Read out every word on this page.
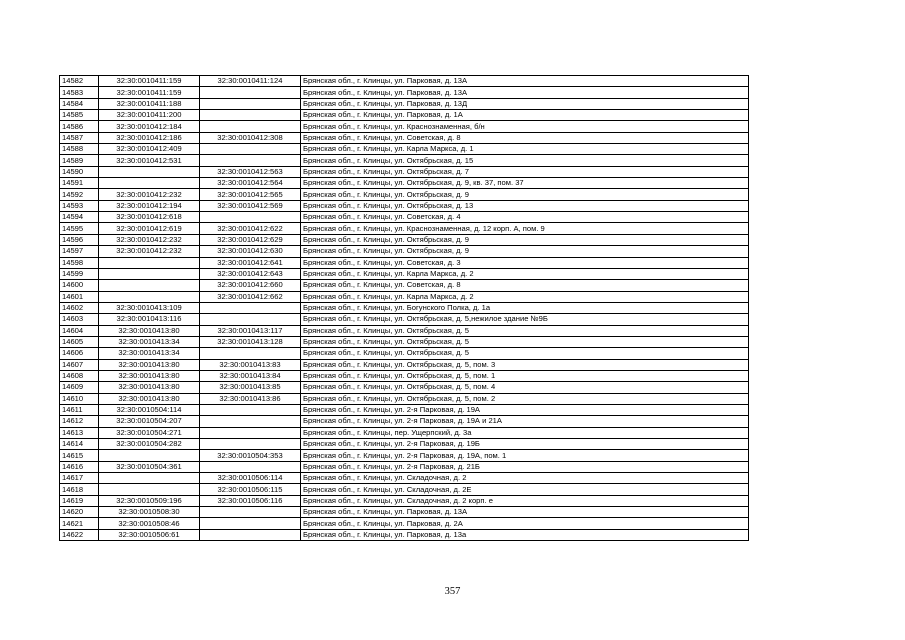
14582	32:30:0010411:159	32:30:0010411:124	Брянская обл., г. Клинцы, ул. Парковая, д. 13А
14583	32:30:0010411:159		Брянская обл., г. Клинцы, ул. Парковая, д. 13А
14584	32:30:0010411:188		Брянская обл., г. Клинцы, ул. Парковая, д. 13Д
14585	32:30:0010411:200		Брянская обл., г. Клинцы, ул. Парковая, д. 1А
14586	32:30:0010412:184		Брянская обл., г. Клинцы, ул. Краснознаменная, б/н
14587	32:30:0010412:186	32:30:0010412:308	Брянская обл., г. Клинцы, ул. Советская, д. 8
14588	32:30:0010412:409		Брянская обл., г. Клинцы, ул. Карла Маркса, д. 1
14589	32:30:0010412:531		Брянская обл., г. Клинцы, ул. Октябрьская, д. 15
14590		32:30:0010412:563	Брянская обл., г. Клинцы, ул. Октябрьская, д. 7
14591		32:30:0010412:564	Брянская обл., г. Клинцы, ул. Октябрьская, д. 9, кв. 37, пом. 37
14592	32:30:0010412:232	32:30:0010412:565	Брянская обл., г. Клинцы, ул. Октябрьская, д. 9
14593	32:30:0010412:194	32:30:0010412:569	Брянская обл., г. Клинцы, ул. Октябрьская, д. 13
14594	32:30:0010412:618		Брянская обл., г. Клинцы, ул. Советская, д. 4
14595	32:30:0010412:619	32:30:0010412:622	Брянская обл., г. Клинцы, ул. Краснознаменная, д. 12 корп. А, пом. 9
14596	32:30:0010412:232	32:30:0010412:629	Брянская обл., г. Клинцы, ул. Октябрьская, д. 9
14597	32:30:0010412:232	32:30:0010412:630	Брянская обл., г. Клинцы, ул. Октябрьская, д. 9
14598		32:30:0010412:641	Брянская обл., г. Клинцы, ул. Советская, д. 3
14599		32:30:0010412:643	Брянская обл., г. Клинцы, ул. Карла Маркса, д. 2
14600		32:30:0010412:660	Брянская обл., г. Клинцы, ул. Советская, д. 8
14601		32:30:0010412:662	Брянская обл., г. Клинцы, ул. Карла Маркса, д. 2
14602	32:30:0010413:109		Брянская обл., г. Клинцы, ул. Богунского Полка, д. 1а
14603	32:30:0010413:116		Брянская обл., г. Клинцы, ул. Октябрьская, д. 5,нежилое здание №9Б
14604	32:30:0010413:80	32:30:0010413:117	Брянская обл., г. Клинцы, ул. Октябрьская, д. 5
14605	32:30:0010413:34	32:30:0010413:128	Брянская обл., г. Клинцы, ул. Октябрьская, д. 5
14606	32:30:0010413:34		Брянская обл., г. Клинцы, ул. Октябрьская, д. 5
14607	32:30:0010413:80	32:30:0010413:83	Брянская обл., г. Клинцы, ул. Октябрьская, д. 5, пом. 3
14608	32:30:0010413:80	32:30:0010413:84	Брянская обл., г. Клинцы, ул. Октябрьская, д. 5, пом. 1
14609	32:30:0010413:80	32:30:0010413:85	Брянская обл., г. Клинцы, ул. Октябрьская, д. 5, пом. 4
14610	32:30:0010413:80	32:30:0010413:86	Брянская обл., г. Клинцы, ул. Октябрьская, д. 5, пом. 2
14611	32:30:0010504:114		Брянская обл., г. Клинцы, ул. 2-я Парковая, д. 19А
14612	32:30:0010504:207		Брянская обл., г. Клинцы, ул. 2-я Парковая, д. 19А и 21А
14613	32:30:0010504:271		Брянская обл., г. Клинцы, пер. Ущерпский, д. 3а
14614	32:30:0010504:282		Брянская обл., г. Клинцы, ул. 2-я Парковая, д. 19Б
14615		32:30:0010504:353	Брянская обл., г. Клинцы, ул. 2-я Парковая, д. 19А, пом. 1
14616	32:30:0010504:361		Брянская обл., г. Клинцы, ул. 2-я Парковая, д. 21Б
14617		32:30:0010506:114	Брянская обл., г. Клинцы, ул. Складочная, д. 2
14618		32:30:0010506:115	Брянская обл., г. Клинцы, ул. Складочная, д. 2Е
14619	32:30:0010509:196	32:30:0010506:116	Брянская обл., г. Клинцы, ул. Складочная, д. 2 корп. е
14620	32:30:0010508:30		Брянская обл., г. Клинцы, ул. Парковая, д. 13А
14621	32:30:0010508:46		Брянская обл., г. Клинцы, ул. Парковая, д. 2А
14622	32:30:0010506:61		Брянская обл., г. Клинцы, ул. Парковая, д. 13а
357
